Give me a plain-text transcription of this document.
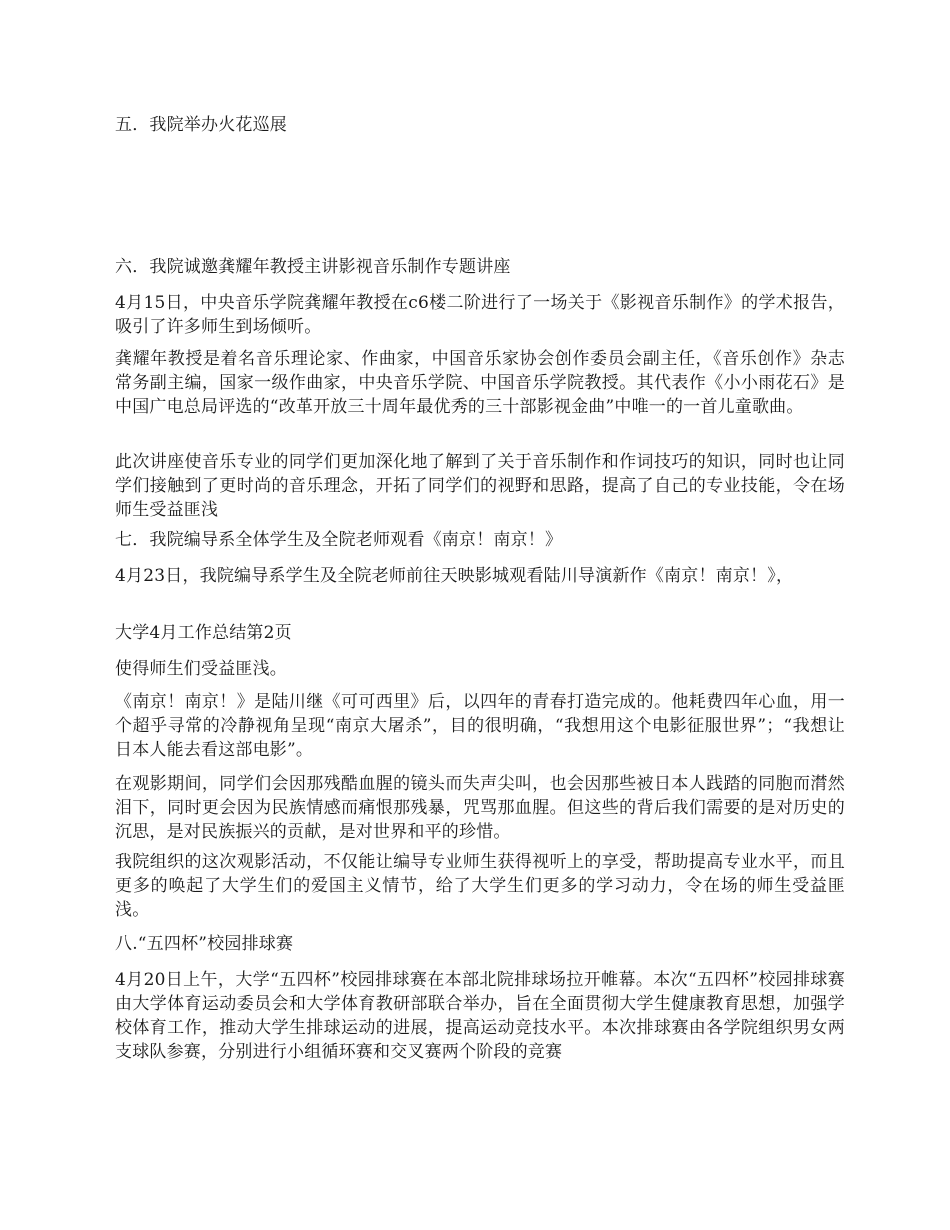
五．我院举办火花巡展

六．我院诚邀龚耀年教授主讲影视音乐制作专题讲座

4月15日，中央音乐学院龚耀年教授在c6楼二阶进行了一场关于《影视音乐制作》的学术报告，吸引了许多师生到场倾听。

龚耀年教授是着名音乐理论家、作曲家，中国音乐家协会创作委员会副主任，《音乐创作》杂志常务副主编，国家一级作曲家，中央音乐学院、中国音乐学院教授。其代表作《小小雨花石》是中国广电总局评选的“改革开放三十周年最优秀的三十部影视金曲”中唯一的一首儿童歌曲。

此次讲座使音乐专业的同学们更加深化地了解到了关于音乐制作和作词技巧的知识，同时也让同学们接触到了更时尚的音乐理念，开拓了同学们的视野和思路，提高了自己的专业技能，令在场师生受益匪浅

七．我院编导系全体学生及全院老师观看《南京！南京！》

4月23日，我院编导系学生及全院老师前往天映影城观看陆川导演新作《南京！南京！》，

大学4月工作总结第2页

使得师生们受益匪浅。

《南京！南京！》是陆川继《可可西里》后，以四年的青春打造完成的。他耗费四年心血，用一个超乎寻常的冷静视角呈现“南京大屠杀”，目的很明确，“我想用这个电影征服世界”；“我想让日本人能去看这部电影”。

在观影期间，同学们会因那残酷血腥的镜头而失声尖叫，也会因那些被日本人践踏的同胞而潸然泪下，同时更会因为民族情感而痛恨那残暴，咒骂那血腥。但这些的背后我们需要的是对历史的沉思，是对民族振兴的贡献，是对世界和平的珍惜。

我院组织的这次观影活动，不仅能让编导专业师生获得视听上的享受，帮助提高专业水平，而且更多的唤起了大学生们的爱国主义情节，给了大学生们更多的学习动力，令在场的师生受益匪浅。

八.“五四杯”校园排球赛

4月20日上午，大学“五四杯”校园排球赛在本部北院排球场拉开帷幕。本次“五四杯”校园排球赛由大学体育运动委员会和大学体育教研部联合举办，旨在全面贯彻大学生健康教育思想，加强学校体育工作，推动大学生排球运动的进展，提高运动竞技水平。本次排球赛由各学院组织男女两支球队参赛，分别进行小组循环赛和交叉赛两个阶段的竞赛
